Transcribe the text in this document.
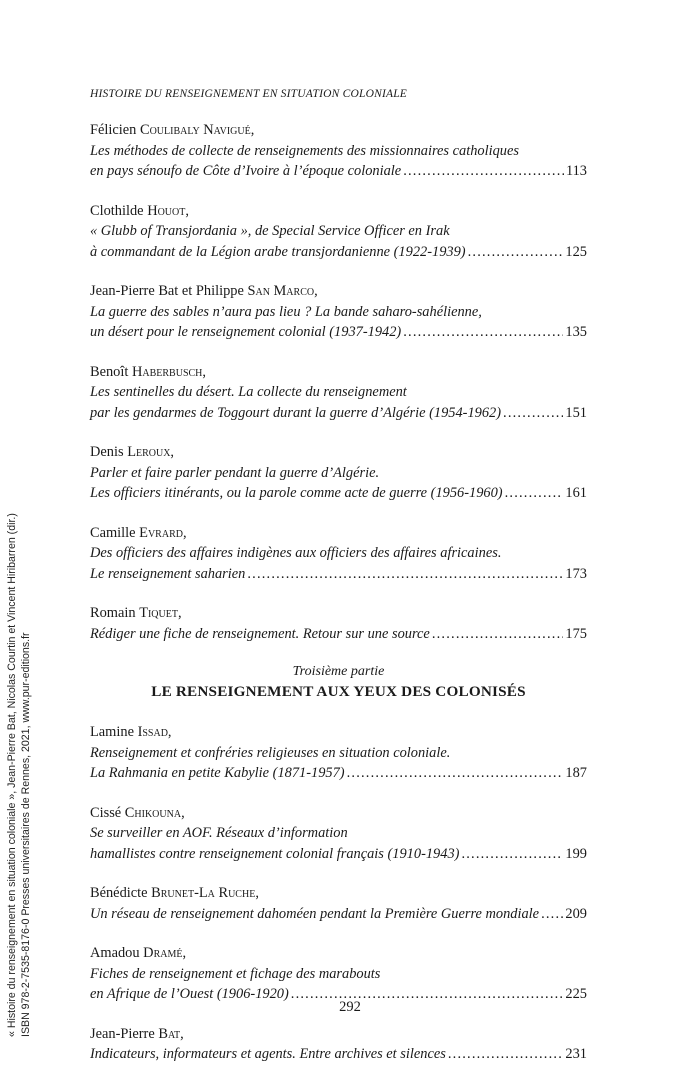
HISTOIRE DU RENSEIGNEMENT EN SITUATION COLONIALE
Félicien Coulibaly Navigué,
Les méthodes de collecte de renseignements des missionnaires catholiques
en pays sénoufo de Côte d’Ivoire à l’époque coloniale .....	113
Clothilde Houot,
« Glubb of Transjordania », de Special Service Officer en Irak
à commandant de la Légion arabe transjordanienne (1922-1939) .....	125
Jean-Pierre Bat et Philippe San Marco,
La guerre des sables n’aura pas lieu ? La bande saharo-sahélienne,
un désert pour le renseignement colonial (1937-1942) .....	135
Benoît Haberbusch,
Les sentinelles du désert. La collecte du renseignement
par les gendarmes de Toggourt durant la guerre d’Algérie (1954-1962) .....	151
Denis Leroux,
Parler et faire parler pendant la guerre d’Algérie.
Les officiers itinérants, ou la parole comme acte de guerre (1956-1960) .....	161
Camille Evrard,
Des officiers des affaires indigènes aux officiers des affaires africaines.
Le renseignement saharien .....	173
Romain Tiquet,
Rédiger une fiche de renseignement. Retour sur une source .....	175
Troisième partie
LE RENSEIGNEMENT AUX YEUX DES COLONISÉS
Lamine Issad,
Renseignement et confréries religieuses en situation coloniale.
La Rahmania en petite Kabylie (1871-1957) .....	187
Cissé Chikouna,
Se surveiller en AOF. Réseaux d’information
hamallistes contre renseignement colonial français (1910-1943) .....	199
Bénédicte Brunet-La Ruche,
Un réseau de renseignement dahoméen pendant la Première Guerre mondiale ..... 209
Amadou Dramé,
Fiches de renseignement et fichage des marabouts
en Afrique de l’Ouest (1906-1920) .....	225
Jean-Pierre Bat,
Indicateurs, informateurs et agents. Entre archives et silences .....	231
292
« Histoire du renseignement en situation coloniale », Jean-Pierre Bat, Nicolas Courtin et Vincent Hiribarren (dir.) ISBN 978-2-7535-8176-0 Presses universitaires de Rennes, 2021, www.pur-editions.fr
